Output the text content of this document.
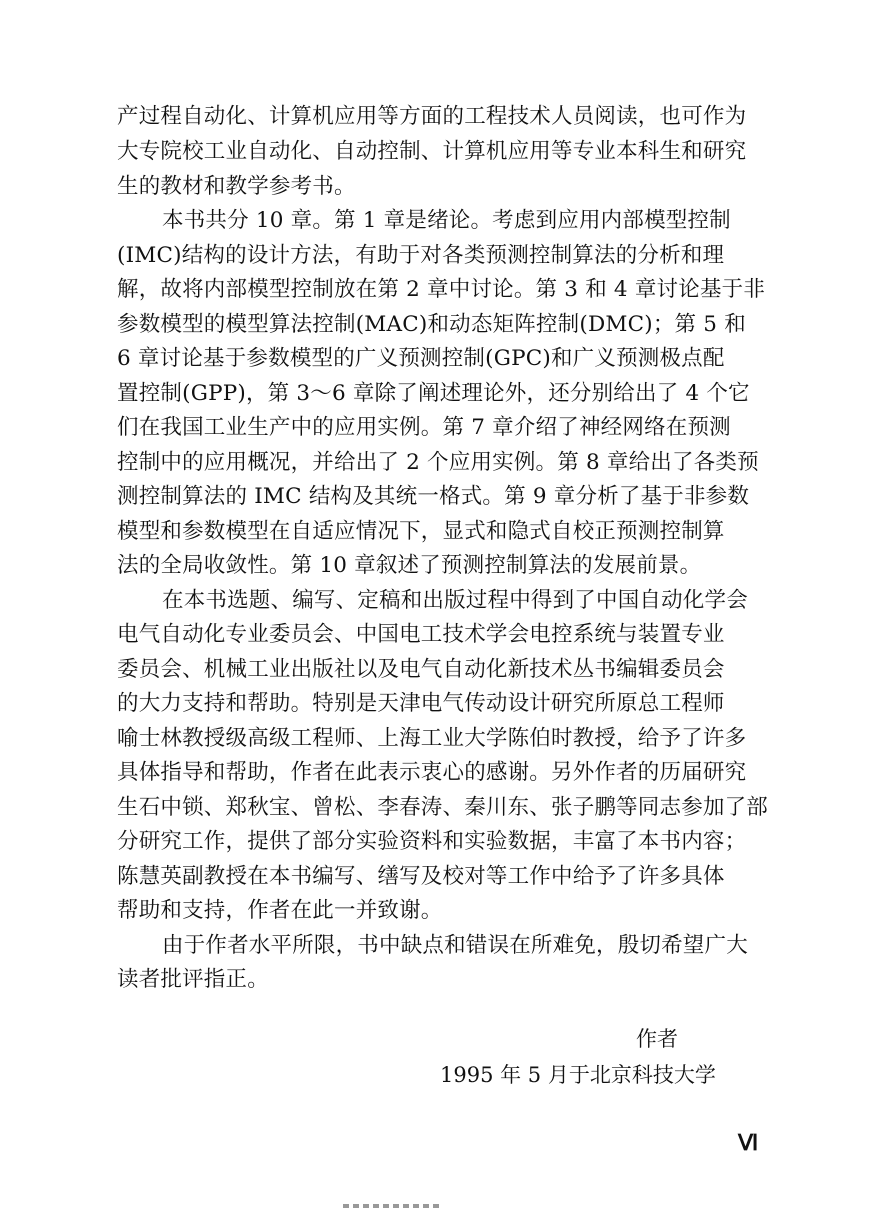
产过程自动化、计算机应用等方面的工程技术人员阅读，也可作为
大专院校工业自动化、自动控制、计算机应用等专业本科生和研究
生的教材和教学参考书。
本书共分 10 章。第 1 章是绪论。考虑到应用内部模型控制
(IMC)结构的设计方法，有助于对各类预测控制算法的分析和理
解，故将内部模型控制放在第 2 章中讨论。第 3 和 4 章讨论基于非
参数模型的模型算法控制(MAC)和动态矩阵控制(DMC)；第 5 和
6 章讨论基于参数模型的广义预测控制(GPC)和广义预测极点配
置控制(GPP)，第 3～6 章除了阐述理论外，还分别给出了 4 个它
们在我国工业生产中的应用实例。第 7 章介绍了神经网络在预测
控制中的应用概况，并给出了 2 个应用实例。第 8 章给出了各类预
测控制算法的 IMC 结构及其统一格式。第 9 章分析了基于非参数
模型和参数模型在自适应情况下，显式和隐式自校正预测控制算
法的全局收敛性。第 10 章叙述了预测控制算法的发展前景。
在本书选题、编写、定稿和出版过程中得到了中国自动化学会
电气自动化专业委员会、中国电工技术学会电控系统与装置专业
委员会、机械工业出版社以及电气自动化新技术丛书编辑委员会
的大力支持和帮助。特别是天津电气传动设计研究所原总工程师
喻士林教授级高级工程师、上海工业大学陈伯时教授，给予了许多
具体指导和帮助，作者在此表示衷心的感谢。另外作者的历届研究
生石中锁、郑秋宝、曾松、李春涛、秦川东、张子鹏等同志参加了部
分研究工作，提供了部分实验资料和实验数据，丰富了本书内容；
陈慧英副教授在本书编写、缮写及校对等工作中给予了许多具体
帮助和支持，作者在此一并致谢。
由于作者水平所限，书中缺点和错误在所难免，殷切希望广大
读者批评指正。
作者
1995 年 5 月于北京科技大学
Ⅵ
